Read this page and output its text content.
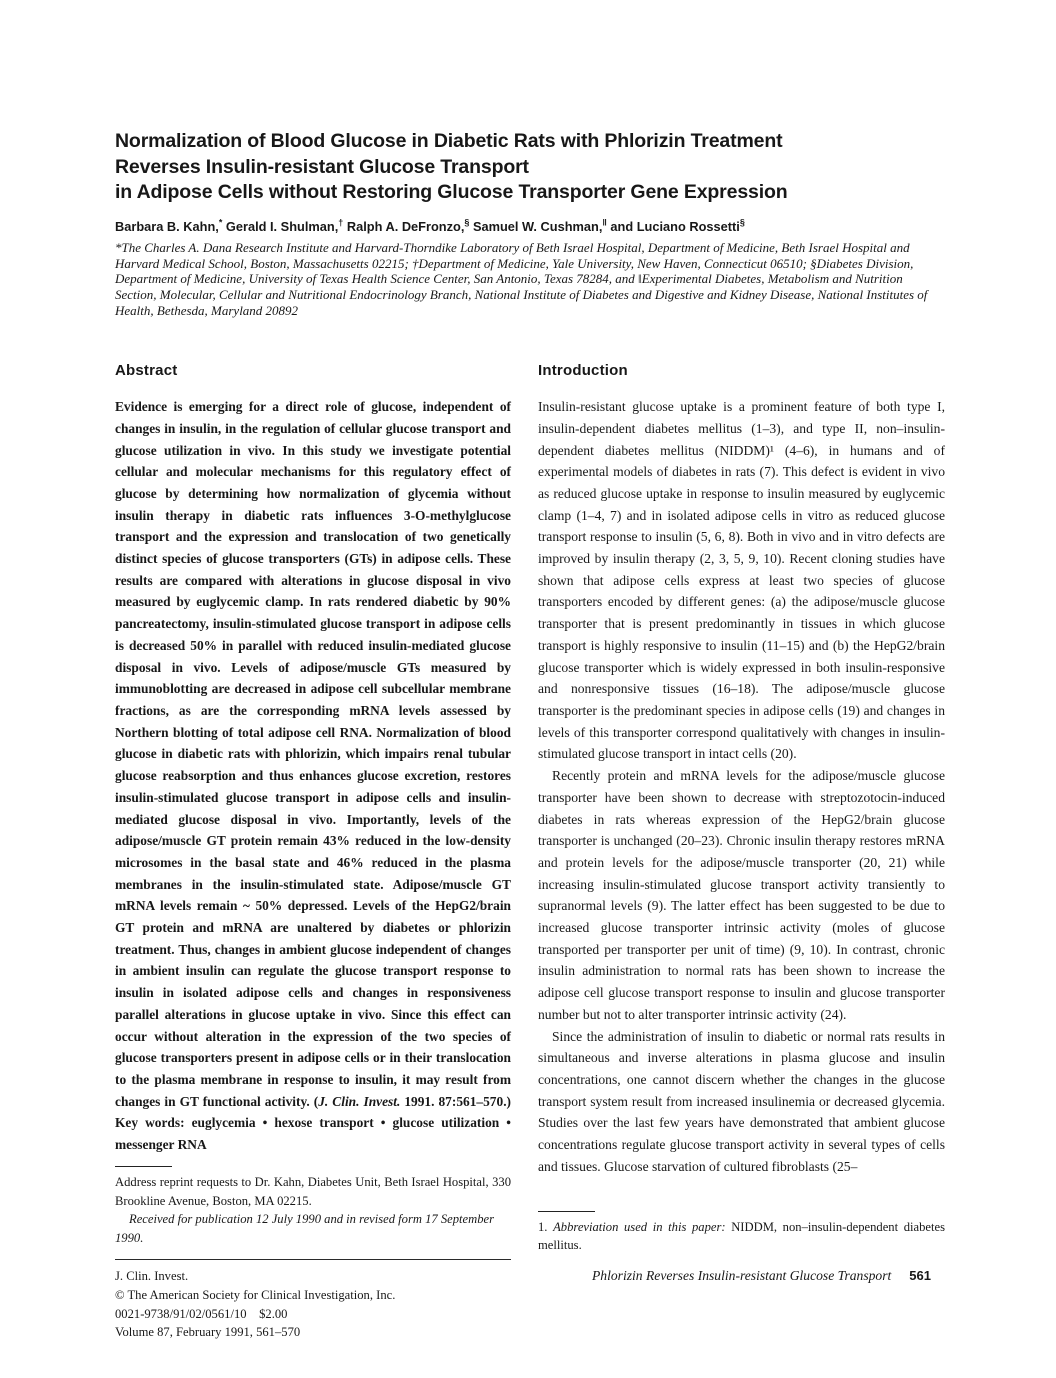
Normalization of Blood Glucose in Diabetic Rats with Phlorizin Treatment
Reverses Insulin-resistant Glucose Transport
in Adipose Cells without Restoring Glucose Transporter Gene Expression
Barbara B. Kahn,* Gerald I. Shulman,† Ralph A. DeFronzo,§ Samuel W. Cushman,‖ and Luciano Rossetti§
*The Charles A. Dana Research Institute and Harvard-Thorndike Laboratory of Beth Israel Hospital, Department of Medicine, Beth Israel Hospital and Harvard Medical School, Boston, Massachusetts 02215; †Department of Medicine, Yale University, New Haven, Connecticut 06510; §Diabetes Division, Department of Medicine, University of Texas Health Science Center, San Antonio, Texas 78284, and ‖Experimental Diabetes, Metabolism and Nutrition Section, Molecular, Cellular and Nutritional Endocrinology Branch, National Institute of Diabetes and Digestive and Kidney Disease, National Institutes of Health, Bethesda, Maryland 20892
Abstract

Evidence is emerging for a direct role of glucose, independent of changes in insulin, in the regulation of cellular glucose transport and glucose utilization in vivo. In this study we investigate potential cellular and molecular mechanisms for this regulatory effect of glucose by determining how normalization of glycemia without insulin therapy in diabetic rats influences 3-O-methylglucose transport and the expression and translocation of two genetically distinct species of glucose transporters (GTs) in adipose cells. These results are compared with alterations in glucose disposal in vivo measured by euglycemic clamp. In rats rendered diabetic by 90% pancreatectomy, insulin-stimulated glucose transport in adipose cells is decreased 50% in parallel with reduced insulin-mediated glucose disposal in vivo. Levels of adipose/muscle GTs measured by immunoblotting are decreased in adipose cell subcellular membrane fractions, as are the corresponding mRNA levels assessed by Northern blotting of total adipose cell RNA. Normalization of blood glucose in diabetic rats with phlorizin, which impairs renal tubular glucose reabsorption and thus enhances glucose excretion, restores insulin-stimulated glucose transport in adipose cells and insulin-mediated glucose disposal in vivo. Importantly, levels of the adipose/muscle GT protein remain 43% reduced in the low-density microsomes in the basal state and 46% reduced in the plasma membranes in the insulin-stimulated state. Adipose/muscle GT mRNA levels remain ~ 50% depressed. Levels of the HepG2/brain GT protein and mRNA are unaltered by diabetes or phlorizin treatment. Thus, changes in ambient glucose independent of changes in ambient insulin can regulate the glucose transport response to insulin in isolated adipose cells and changes in responsiveness parallel alterations in glucose uptake in vivo. Since this effect can occur without alteration in the expression of the two species of glucose transporters present in adipose cells or in their translocation to the plasma membrane in response to insulin, it may result from changes in GT functional activity. (J. Clin. Invest. 1991. 87:561–570.) Key words: euglycemia • hexose transport • glucose utilization • messenger RNA

Address reprint requests to Dr. Kahn, Diabetes Unit, Beth Israel Hospital, 330 Brookline Avenue, Boston, MA 02215.

Received for publication 12 July 1990 and in revised form 17 September 1990.

J. Clin. Invest.
© The American Society for Clinical Investigation, Inc.
0021-9738/91/02/0561/10 $2.00
Volume 87, February 1991, 561–570
Introduction

Insulin-resistant glucose uptake is a prominent feature of both type I, insulin-dependent diabetes mellitus (1–3), and type II, non–insulin-dependent diabetes mellitus (NIDDM)¹ (4–6), in humans and of experimental models of diabetes in rats (7). This defect is evident in vivo as reduced glucose uptake in response to insulin measured by euglycemic clamp (1–4, 7) and in isolated adipose cells in vitro as reduced glucose transport response to insulin (5, 6, 8). Both in vivo and in vitro defects are improved by insulin therapy (2, 3, 5, 9, 10). Recent cloning studies have shown that adipose cells express at least two species of glucose transporters encoded by different genes: (a) the adipose/muscle glucose transporter that is present predominantly in tissues in which glucose transport is highly responsive to insulin (11–15) and (b) the HepG2/brain glucose transporter which is widely expressed in both insulin-responsive and nonresponsive tissues (16–18). The adipose/muscle glucose transporter is the predominant species in adipose cells (19) and changes in levels of this transporter correspond qualitatively with changes in insulin-stimulated glucose transport in intact cells (20).

Recently protein and mRNA levels for the adipose/muscle glucose transporter have been shown to decrease with streptozotocin-induced diabetes in rats whereas expression of the HepG2/brain glucose transporter is unchanged (20–23). Chronic insulin therapy restores mRNA and protein levels for the adipose/muscle transporter (20, 21) while increasing insulin-stimulated glucose transport activity transiently to supranormal levels (9). The latter effect has been suggested to be due to increased glucose transporter intrinsic activity (moles of glucose transported per transporter per unit of time) (9, 10). In contrast, chronic insulin administration to normal rats has been shown to increase the adipose cell glucose transport response to insulin and glucose transporter number but not to alter transporter intrinsic activity (24).

Since the administration of insulin to diabetic or normal rats results in simultaneous and inverse alterations in plasma glucose and insulin concentrations, one cannot discern whether the changes in the glucose transport system result from increased insulinemia or decreased glycemia. Studies over the last few years have demonstrated that ambient glucose concentrations regulate glucose transport activity in several types of cells and tissues. Glucose starvation of cultured fibroblasts (25–

1. Abbreviation used in this paper: NIDDM, non–insulin-dependent diabetes mellitus.

Phlorizin Reverses Insulin-resistant Glucose Transport 561
